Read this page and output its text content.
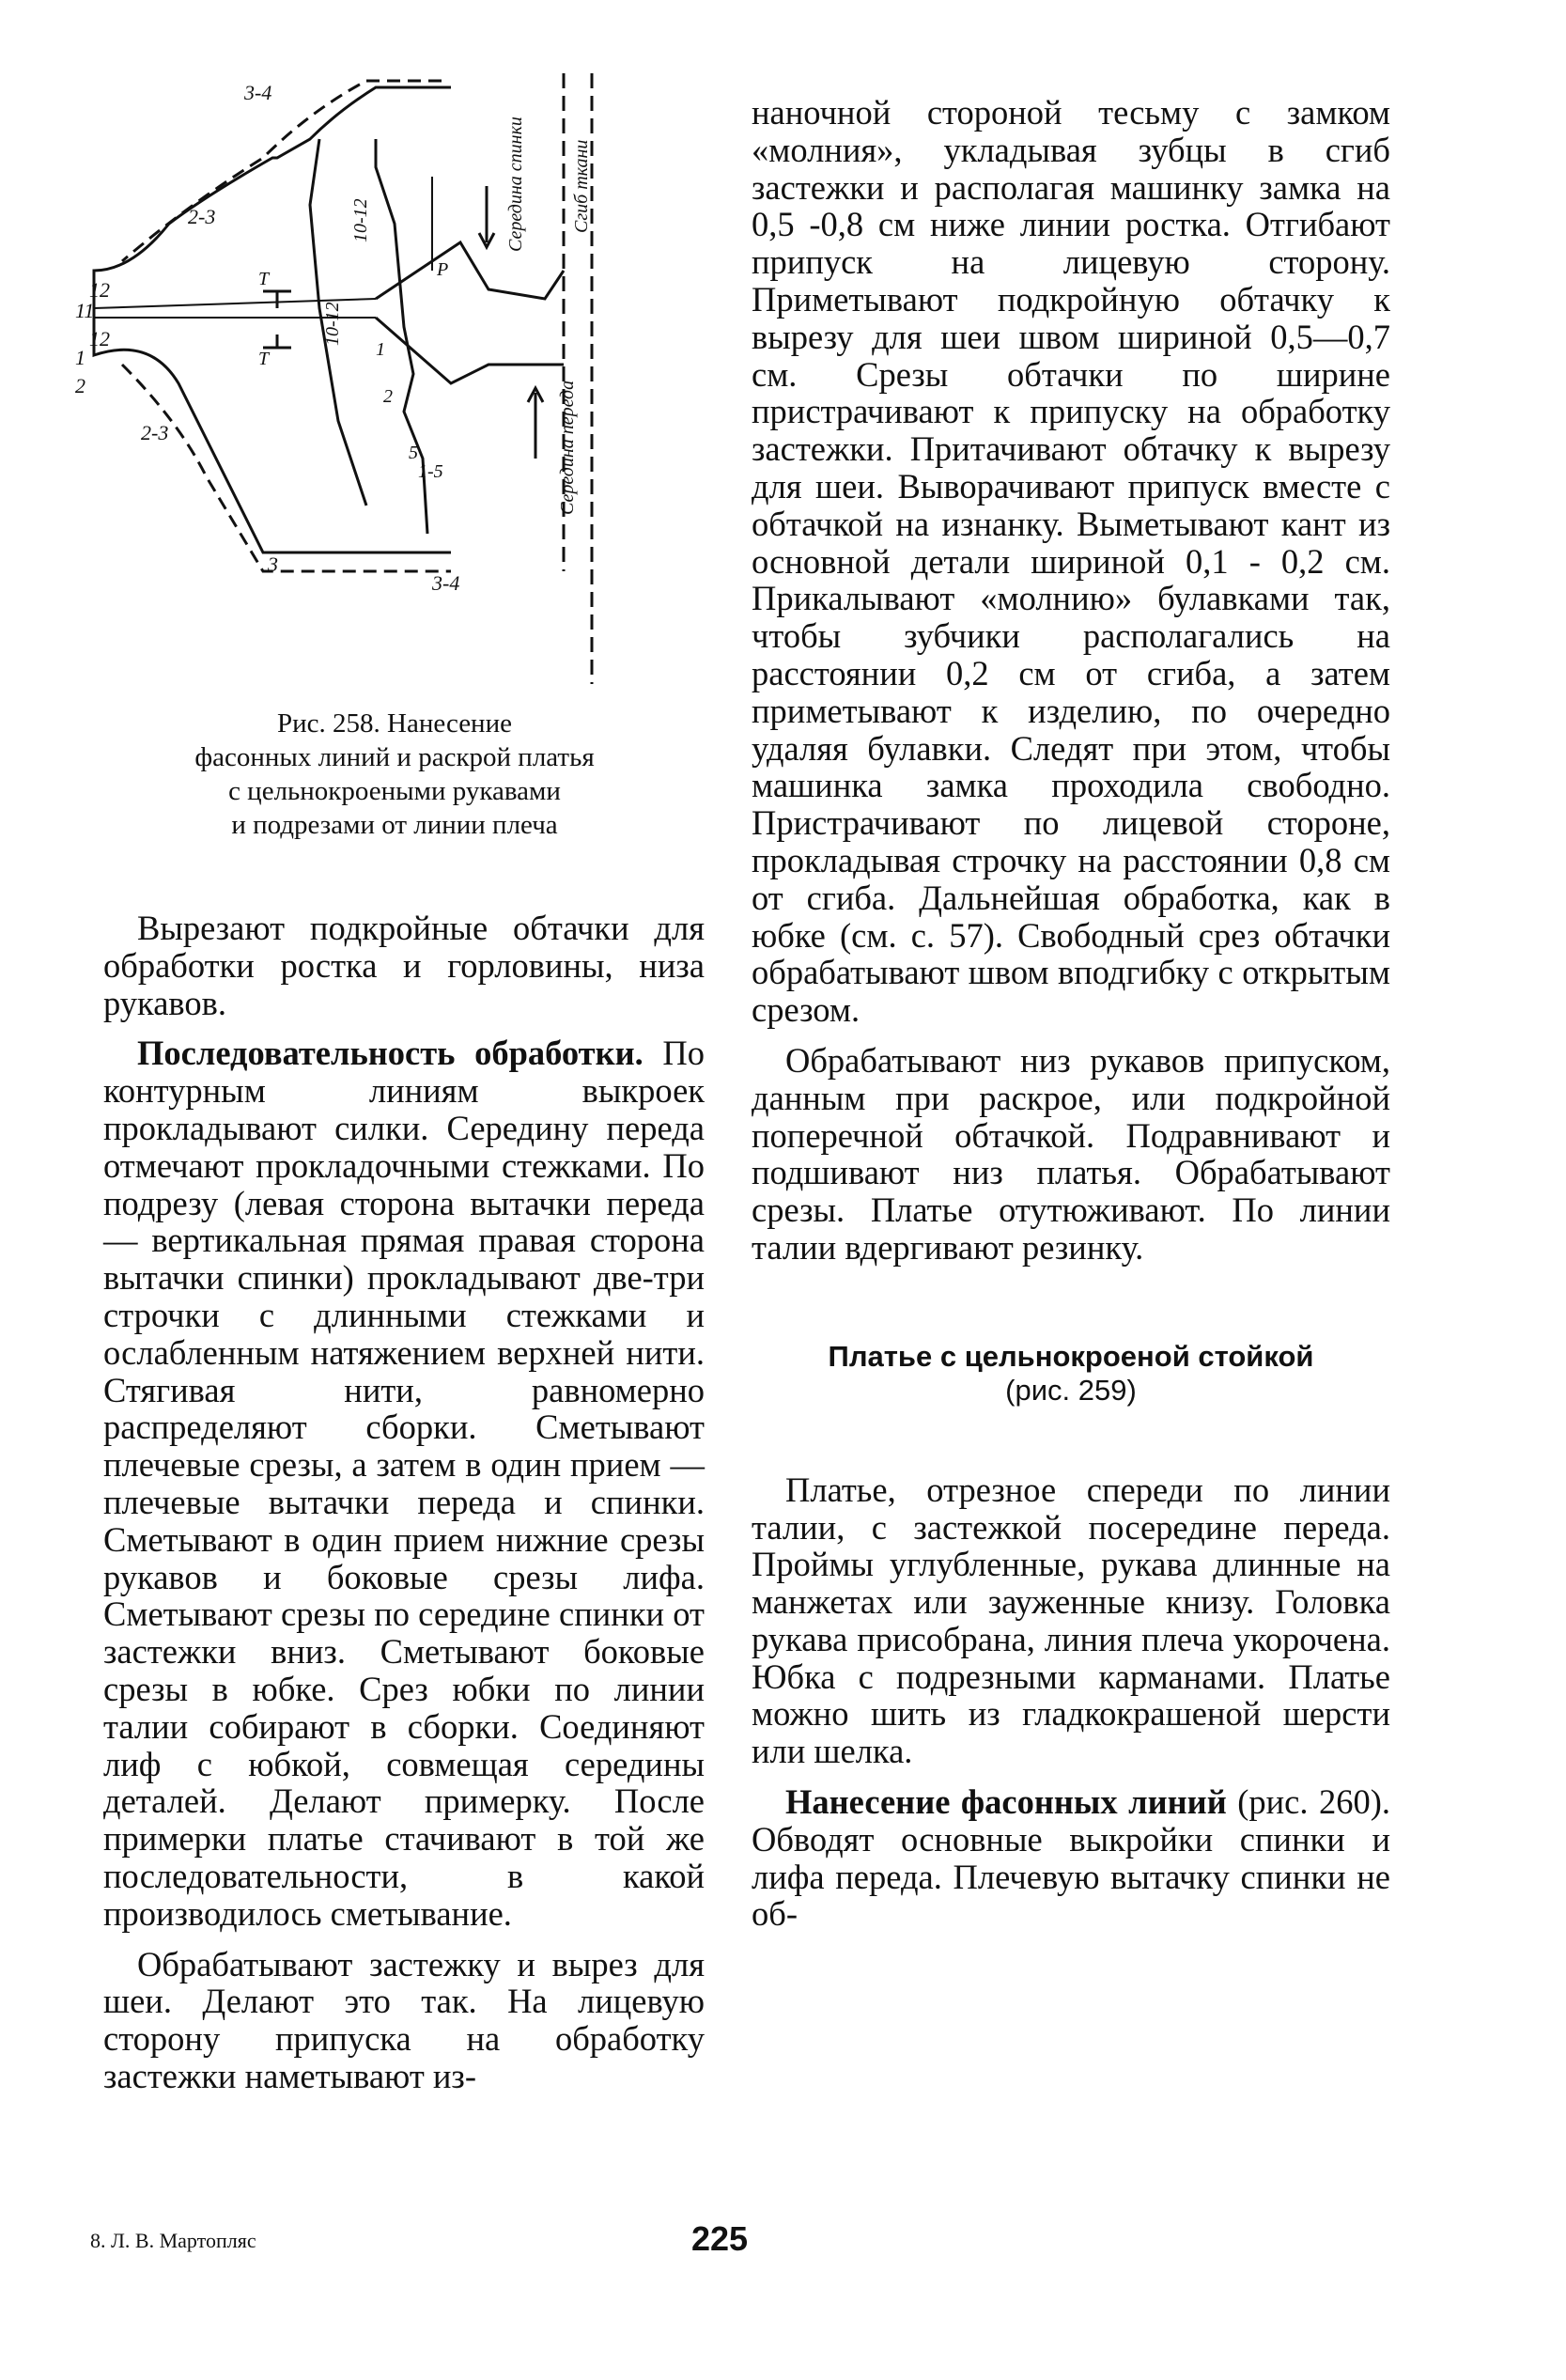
3-4
2-3
12
11
12
1
2
2-3
3
3-4
10-12
10-12
1-5
5
2
1
P
T
T
Середина спинки Сгиб ткани
Середина переда
Рис. 258. Нанесение
фасонных линий и раскрой платья
с цельнокроеными рукавами
и подрезами от линии плеча

Вырезают подкройные обтачки для обработки ростка и горловины, низа рукавов.

Последовательность обработки. По контурным линиям выкроек прокладывают силки. Середину переда отмечают прокладочными стежками. По подрезу (левая сторона вытачки переда — вертикальная прямая правая сторона вытачки спинки) прокладывают две-три строчки с длинными стежками и ослабленным натяжением верхней нити. Стягивая нити, равномерно распределяют сборки. Сметывают плечевые срезы, а затем в один прием — плечевые вытачки переда и спинки. Сметывают в один прием нижние срезы рукавов и боковые срезы лифа. Сметывают срезы по середине спинки от застежки вниз. Сметывают боковые срезы в юбке. Срез юбки по линии талии собирают в сборки. Соединяют лиф с юбкой, совмещая середины деталей. Делают примерку. После примерки платье стачивают в той же последовательности, в какой производилось сметывание.

Обрабатывают застежку и вырез для шеи. Делают это так. На лицевую сторону припуска на обработку застежки наметывают из-

наночной стороной тесьму с замком «молния», укладывая зубцы в сгиб застежки и располагая машинку замка на 0,5 -0,8 см ниже линии ростка. Отгибают припуск на лицевую сторону. Приметывают подкройную обтачку к вырезу для шеи швом шириной 0,5—0,7 см. Срезы обтачки по ширине пристрачивают к припуску на обработку застежки. Притачивают обтачку к вырезу для шеи. Выворачивают припуск вместе с обтачкой на изнанку. Выметывают кант из основной детали шириной 0,1 - 0,2 см. Прикалывают «молнию» булавками так, чтобы зубчики располагались на расстоянии 0,2 см от сгиба, а затем приметывают к изделию, по очередно удаляя булавки. Следят при этом, чтобы машинка замка проходила свободно. Пристрачивают по лицевой стороне, прокладывая строчку на расстоянии 0,8 см от сгиба. Дальнейшая обработка, как в юбке (см. с. 57). Свободный срез обтачки обрабатывают швом вподгибку с открытым срезом.

Обрабатывают низ рукавов припуском, данным при раскрое, или подкройной поперечной обтачкой. Подравнивают и подшивают низ платья. Обрабатывают срезы. Платье отутюживают. По линии талии вдергивают резинку.

Платье с цельнокроеной стойкой
(рис. 259)

Платье, отрезное спереди по линии талии, с застежкой посередине переда. Проймы углубленные, рукава длинные на манжетах или зауженные книзу. Головка рукава присобрана, линия плеча укорочена. Юбка с подрезными карманами. Платье можно шить из гладкокрашеной шерсти или шелка.

Нанесение фасонных линий (рис. 260). Обводят основные выкройки спинки и лифа переда. Плечевую вытачку спинки не об-

8. Л. В. Мартопляс	225
